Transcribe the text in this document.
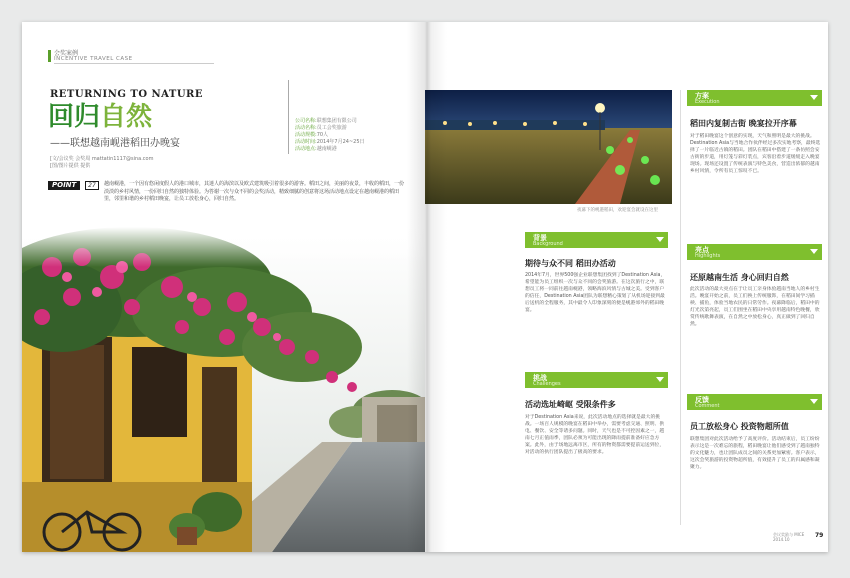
会奖案例
INCENTIVE TRAVEL CASE
RETURNING TO NATURE
回归自然
——联想越南岘港稻田办晚宴
[文/会议奖 会奖周 mattatin1117@sina.com
[图/图片提供 提供
公司名称:联想集团有限公司
活动名称:员工会奖旅游
活动规模:70人
活动时间:2014年7月24~25日
活动地点:越南岘港
POINT	27	越南岘港，一个因有悠闲度假人的港口城市，其迷人的海滨以及欧式建筑吸引着很多的游客。稻田之间，美丽的夜景，丰收的稻田，一份淡淡的乡村风情，一份回归自然的独特体验。为答谢一次与众不同的会奖活动，精致细腻的创意将这场活动地点设定在越南岘港的稻田里，邻里和谐的乡村稻田晚宴，让员工放松身心，回归自然。
夜幕下的岘港稻田，欢迎宴会就设在这里
背景
Background
期待与众不同 稻田办活动
2014年7月，世界500强企业联想集团找到了Destination Asia，希望能为员工组织一次与众不同的会奖旅游。在这次旅行之中，联想员工将一同前往越南岘港，领略海滨风情与古城之美。受到客户的信任，Destination Asia团队为联想精心策划了从机场迎接到最后送机的全程服务，其中最令人印象深刻的便是岘港郊外的稻田晚宴。
挑战
Challenges
活动选址崎岖 受限条件多
对于Destination Asia来说，此次活动地点的选择就是最大的挑战。一场百人规模的晚宴在稻田中举办，需要考虑交通、照明、供电、餐饮、安全等诸多问题。同时，天气也是不可控因素之一，越南七月正值雨季，团队必须为可能出现的降雨提前准备好应急方案。此外，由于场地远离市区，所有的物资都需要提前运送到位，对活动的执行团队提出了极高的要求。
方案
Execution
稻田内复制古街 晚宴拉开序幕
对于稻田晚宴这个创意的实现，天气和照明是最大的挑战。Destination Asia与当地合作伙伴经过多次实地考察，最终选择了一片临近古镇的稻田。团队在稻田中搭建了一条仿照会安古街的步道，用灯笼与彩灯装点，宾客沿着步道缓缓走入晚宴现场。现场还设置了传统表演与特色美食，营造出浓郁的越南乡村风情，令所有员工惊叹不已。
亮点
Highlights
还原越南生活 身心回归自然
此次活动的最大亮点在于让员工亲身体验越南当地人的乡村生活。晚宴开始之前，员工们换上传统服饰，在稻田间学习插秧、捕鱼，体验当地农民的日常劳作。夜幕降临后，稻田中的灯光次第亮起，员工们围坐在稻田中央享用越南特色晚餐，欣赏传统歌舞表演，在自然之中放松身心，真正做到了回归自然。
反馈
Comment
员工放松身心 投资物超所值
联想集团对此次活动给予了高度评价。活动结束后，员工纷纷表示这是一次难忘的旅程，稻田晚宴让他们感受到了越南独特的文化魅力，也让团队成员之间的关系更加紧密。客户表示，这次会奖旅游的投资物超所值，有效提升了员工的归属感和凝聚力。
会议奖励与 MICE
2014.10
79
